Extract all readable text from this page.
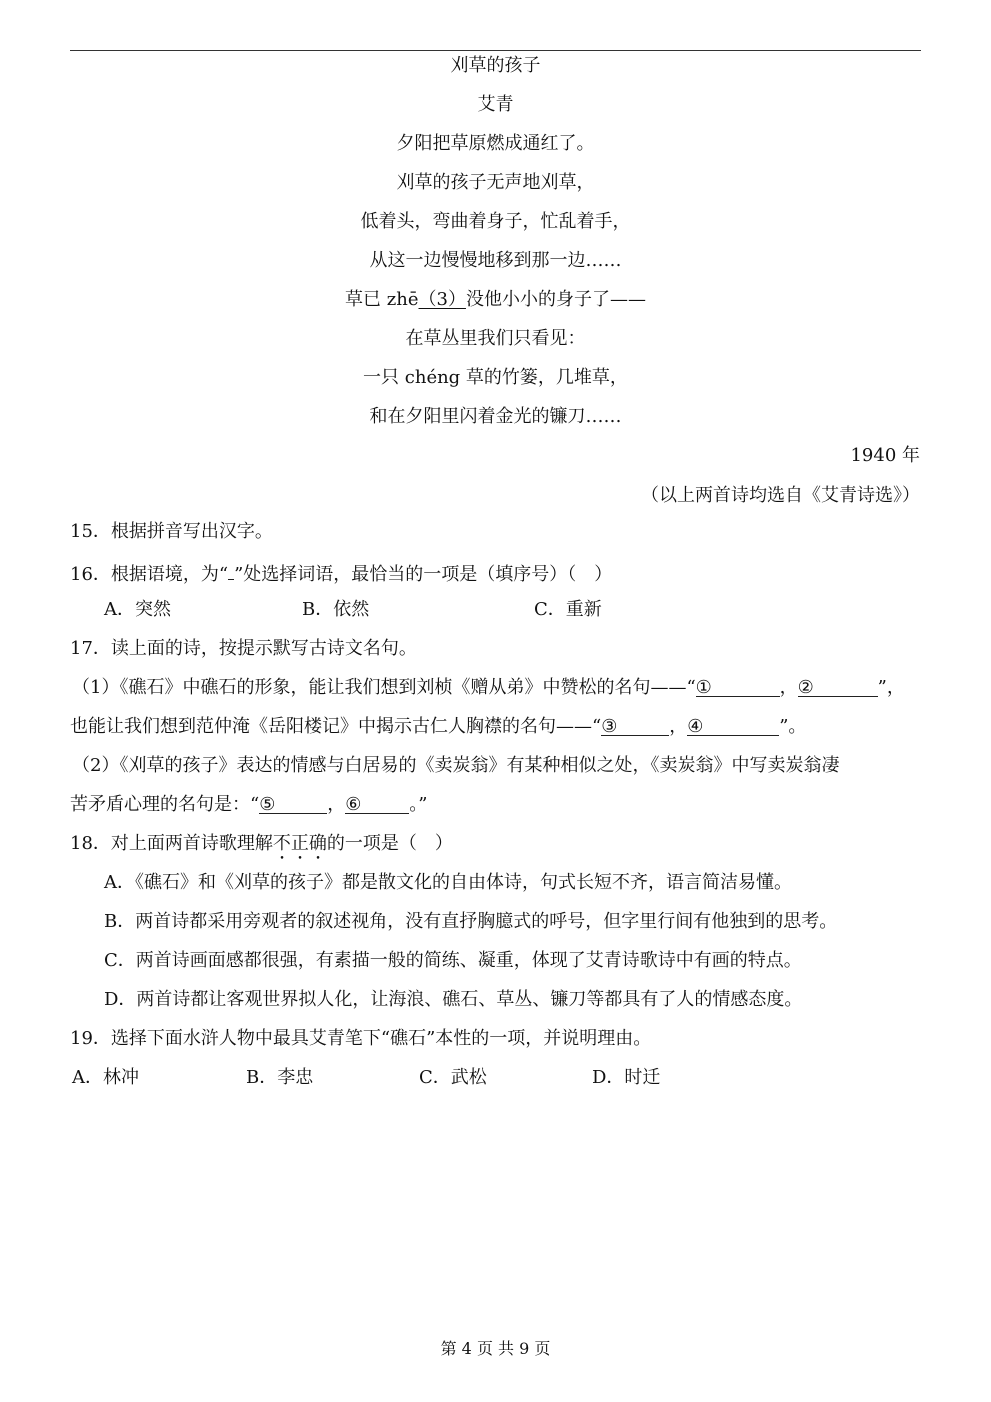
刈草的孩子
艾青
夕阳把草原燃成通红了。
刈草的孩子无声地刈草，
低着头，弯曲着身子，忙乱着手，
从这一边慢慢地移到那一边……
草已 zhē（3）没他小小的身子了——
在草丛里我们只看见：
一只 chéng 草的竹篓，几堆草，
和在夕阳里闪着金光的镰刀……
1940 年
（以上两首诗均选自《艾青诗选》）
15．根据拼音写出汉字。
16．根据语境，为“ ”处选择词语，最恰当的一项是（填序号）（　）
A．突然	B．依然	C．重新
17．读上面的诗，按提示默写古诗文名句。
（1）《礁石》中礁石的形象，能让我们想到刘桢《赠从弟》中赞松的名句——“①	，②	”，
也能让我们想到范仲淹《岳阳楼记》中揭示古仁人胸襟的名句——“③	，④	”。
（2）《刈草的孩子》表达的情感与白居易的《卖炭翁》有某种相似之处，《卖炭翁》中写卖炭翁凄
苦矛盾心理的名句是：“⑤	，⑥	。”
18．对上面两首诗歌理解不正确的一项是（　）
A．《礁石》和《刈草的孩子》都是散文化的自由体诗，句式长短不齐，语言简洁易懂。
B．两首诗都采用旁观者的叙述视角，没有直抒胸臆式的呼号，但字里行间有他独到的思考。
C．两首诗画面感都很强，有素描一般的简练、凝重，体现了艾青诗歌诗中有画的特点。
D．两首诗都让客观世界拟人化，让海浪、礁石、草丛、镰刀等都具有了人的情感态度。
19．选择下面水浒人物中最具艾青笔下“礁石”本性的一项，并说明理由。
A．林冲	B．李忠	C．武松	D．时迁
第 4 页 共 9 页
